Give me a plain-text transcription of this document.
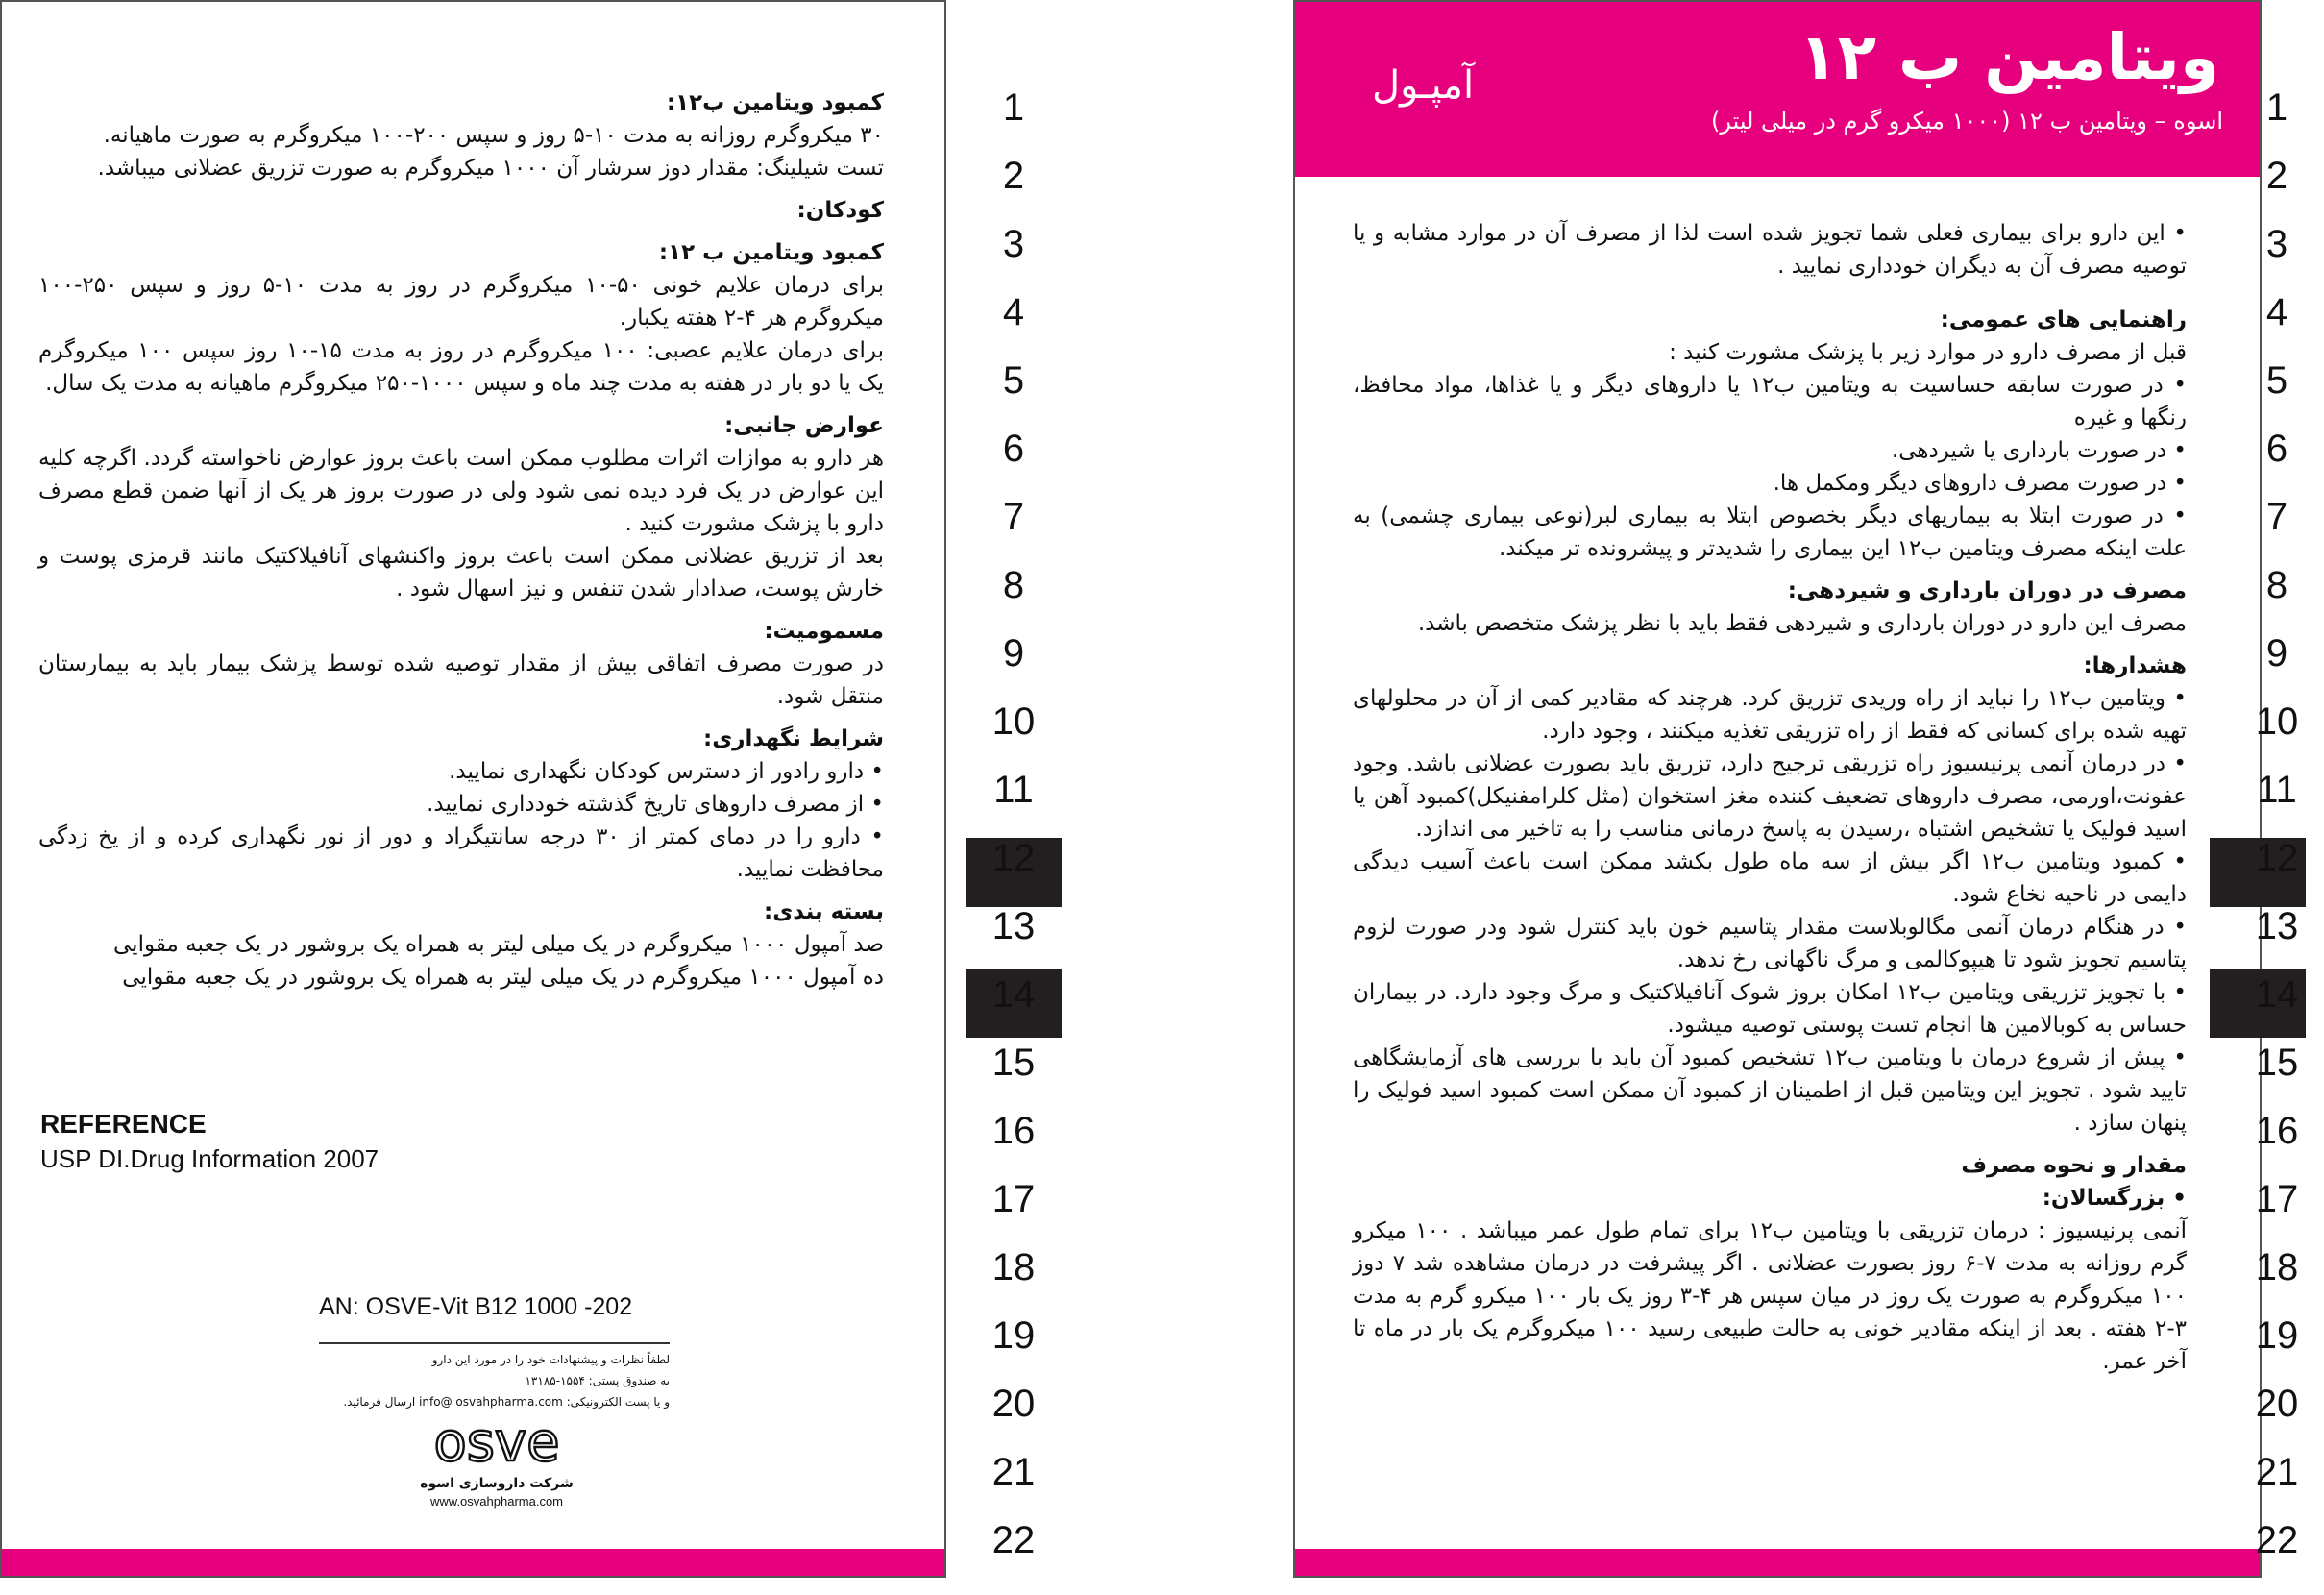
کمبود ویتامین ب۱۲:

۳۰ میکروگرم روزانه به مدت ۱۰-۵ روز و سپس ۲۰۰-۱۰۰ میکروگرم به صورت ماهیانه.

تست شیلینگ: مقدار دوز سرشار آن ۱۰۰۰ میکروگرم به صورت تزریق عضلانی میباشد.

کودکان:

کمبود ویتامین ب ۱۲:

برای درمان علایم خونی ۵۰-۱۰ میکروگرم در روز به مدت ۱۰-۵ روز و سپس ۲۵۰-۱۰۰ میکروگرم هر ۴-۲ هفته یکبار.

برای درمان علایم عصبی: ۱۰۰ میکروگرم در روز به مدت ۱۵-۱۰ روز سپس ۱۰۰ میکروگرم یک یا دو بار در هفته به مدت چند ماه و سپس ۱۰۰۰-۲۵۰ میکروگرم ماهیانه به مدت یک سال.

عوارض جانبی:

هر دارو به موازات اثرات مطلوب ممکن است باعث بروز عوارض ناخواسته گردد. اگرچه کلیه این عوارض در یک فرد دیده نمی شود ولی در صورت بروز هر یک از آنها ضمن قطع مصرف دارو با پزشک مشورت کنید .

بعد از تزریق عضلانی ممکن است باعث بروز واکنشهای آنافیلاکتیک مانند قرمزی پوست و خارش پوست، صدادار شدن تنفس و نیز اسهال شود .

مسمومیت:

در صورت مصرف اتفاقی بیش از مقدار توصیه شده توسط پزشک بیمار باید به بیمارستان منتقل شود.

شرایط نگهداری:

• دارو رادور از دسترس کودکان نگهداری نمایید.

• از مصرف داروهای تاریخ گذشته خودداری نمایید.

• دارو را در دمای کمتر از ۳۰ درجه سانتیگراد و دور از نور نگهداری کرده و از یخ زدگی محافظت نمایید.

بسته بندی:

صد آمپول ۱۰۰۰ میکروگرم در یک میلی لیتر به همراه یک بروشور در یک جعبه مقوایی

ده آمپول ۱۰۰۰ میکروگرم در یک میلی لیتر به همراه یک بروشور در یک جعبه مقوایی

REFERENCE
USP DI.Drug Information 2007
AN: OSVE-Vit B12 1000 -202
لطفاً نظرات و پیشنهادات خود را در مورد این دارو
به صندوق پستی: ۱۵۵۴-۱۳۱۸۵
و یا پست الکترونیکی: info@ osvahpharma.com ارسال فرمائید.
osve
شرکت داروسازی اسوه
www.osvahpharma.com
1
2
3
4
5
6
7
8
9
10
11
12
13
14
15
16
17
18
19
20
21
22
ویتامین ب ۱۲
اسوه – ویتامین ب ۱۲ (۱۰۰۰ میکرو گرم در میلی لیتر)
آمپـول

• این دارو برای بیماری فعلی شما تجویز شده است لذا از مصرف آن در موارد مشابه و یا توصیه مصرف آن به دیگران خودداری نمایید .

راهنمایی های عمومی:

قبل از مصرف دارو در موارد زیر با پزشک مشورت کنید :

• در صورت سابقه حساسیت به ویتامین ب۱۲ یا داروهای دیگر و یا غذاها، مواد محافظ، رنگها و غیره

• در صورت بارداری یا شیردهی.

• در صورت مصرف داروهای دیگر ومکمل ها.

• در صورت ابتلا به بیماریهای دیگر بخصوص ابتلا به بیماری لبر(نوعی بیماری چشمی) به علت اینکه مصرف ویتامین ب۱۲ این بیماری را شدیدتر و پیشرونده تر میکند.

مصرف در دوران بارداری و شیردهی:

مصرف این دارو در دوران بارداری و شیردهی فقط باید با نظر پزشک متخصص باشد.

هشدارها:

• ویتامین ب۱۲ را نباید از راه وریدی تزریق کرد. هرچند که مقادیر کمی از آن در محلولهای تهیه شده برای کسانی که فقط از راه تزریقی تغذیه میکنند ، وجود دارد.

• در درمان آنمی پرنیسیوز راه تزریقی ترجیح دارد، تزریق باید بصورت عضلانی باشد. وجود عفونت،اورمی، مصرف داروهای تضعیف کننده مغز استخوان (مثل کلرامفنیکل)کمبود آهن یا اسید فولیک یا تشخیص اشتباه ،رسیدن به پاسخ درمانی مناسب را به تاخیر می اندازد.

• کمبود ویتامین ب۱۲ اگر بیش از سه ماه طول بکشد ممکن است باعث آسیب دیدگی دایمی در ناحیه نخاع شود.

• در هنگام درمان آنمی مگالوبلاست مقدار پتاسیم خون باید کنترل شود ودر صورت لزوم پتاسیم تجویز شود تا هیپوکالمی و مرگ ناگهانی رخ ندهد.

• با تجویز تزریقی ویتامین ب۱۲ امکان بروز شوک آنافیلاکتیک و مرگ وجود دارد. در بیماران حساس به کوبالامین ها انجام تست پوستی توصیه میشود.

• پیش از شروع درمان با ویتامین ب۱۲ تشخیص کمبود آن باید با بررسی های آزمایشگاهی تایید شود . تجویز این ویتامین قبل از اطمینان از کمبود آن ممکن است کمبود اسید فولیک را پنهان سازد .

مقدار و نحوه مصرف

• بزرگسالان:

آنمی پرنیسیوز : درمان تزریقی با ویتامین ب۱۲ برای تمام طول عمر میباشد . ۱۰۰ میکرو گرم روزانه به مدت ۷-۶ روز بصورت عضلانی . اگر پیشرفت در درمان مشاهده شد ۷ دوز ۱۰۰ میکروگرم به صورت یک روز در میان سپس هر ۴-۳ روز یک بار ۱۰۰ میکرو گرم به مدت ۳-۲ هفته . بعد از اینکه مقادیر خونی به حالت طبیعی رسید ۱۰۰ میکروگرم یک بار در ماه تا آخر عمر.

1
2
3
4
5
6
7
8
9
10
11
12
13
14
15
16
17
18
19
20
21
22
